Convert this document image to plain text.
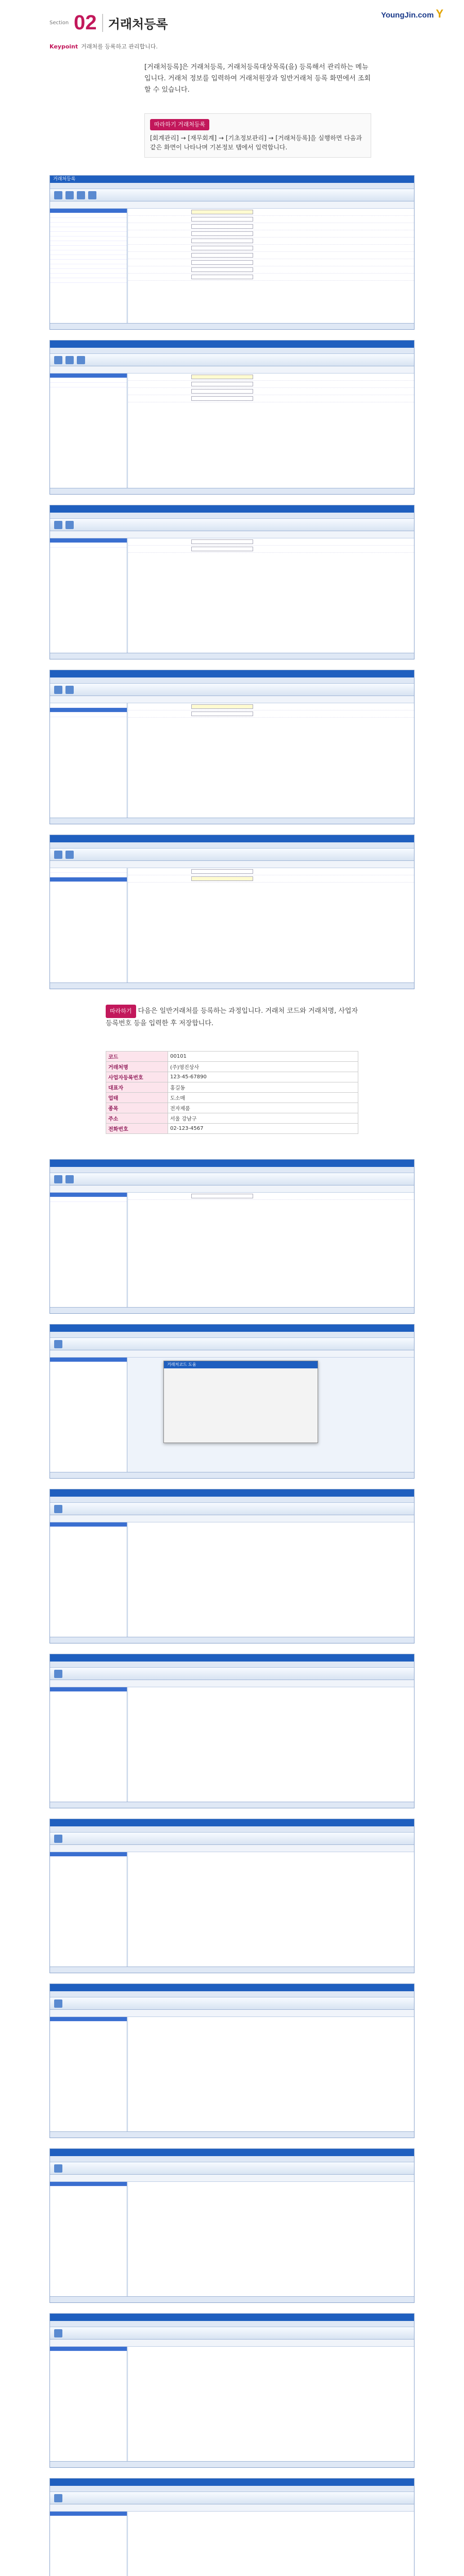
YoungJin.com Y
Section 02 거래처등록
Keypoint 거래처를 등록하고 관리합니다.
[거래처등록]은 거래처등록, 거래처등록대상목록(을) 등록해서 관리하는 메뉴입니다. 거래처 정보를 입력하여 거래처원장과 일반거래처 등록 화면에서 조회할 수 있습니다.
따라하기 거래처등록
[회계관리] → [재무회계] → [기초정보관리] → [거래처등록]을 실행하면 다음과 같은 화면이 나타나며 기본정보 탭에서 입력합니다.
거래처등록
따라하기 다음은 일반거래처를 등록하는 과정입니다. 거래처 코드와 거래처명, 사업자등록번호 등을 입력한 후 저장합니다.
코드	00101
거래처명	(주)영진상사
사업자등록번호	123-45-67890
대표자	홍길동
업태	도소매
종목	전자제품
주소	서울 강남구
전화번호	02-123-4567
거래처코드 도움
